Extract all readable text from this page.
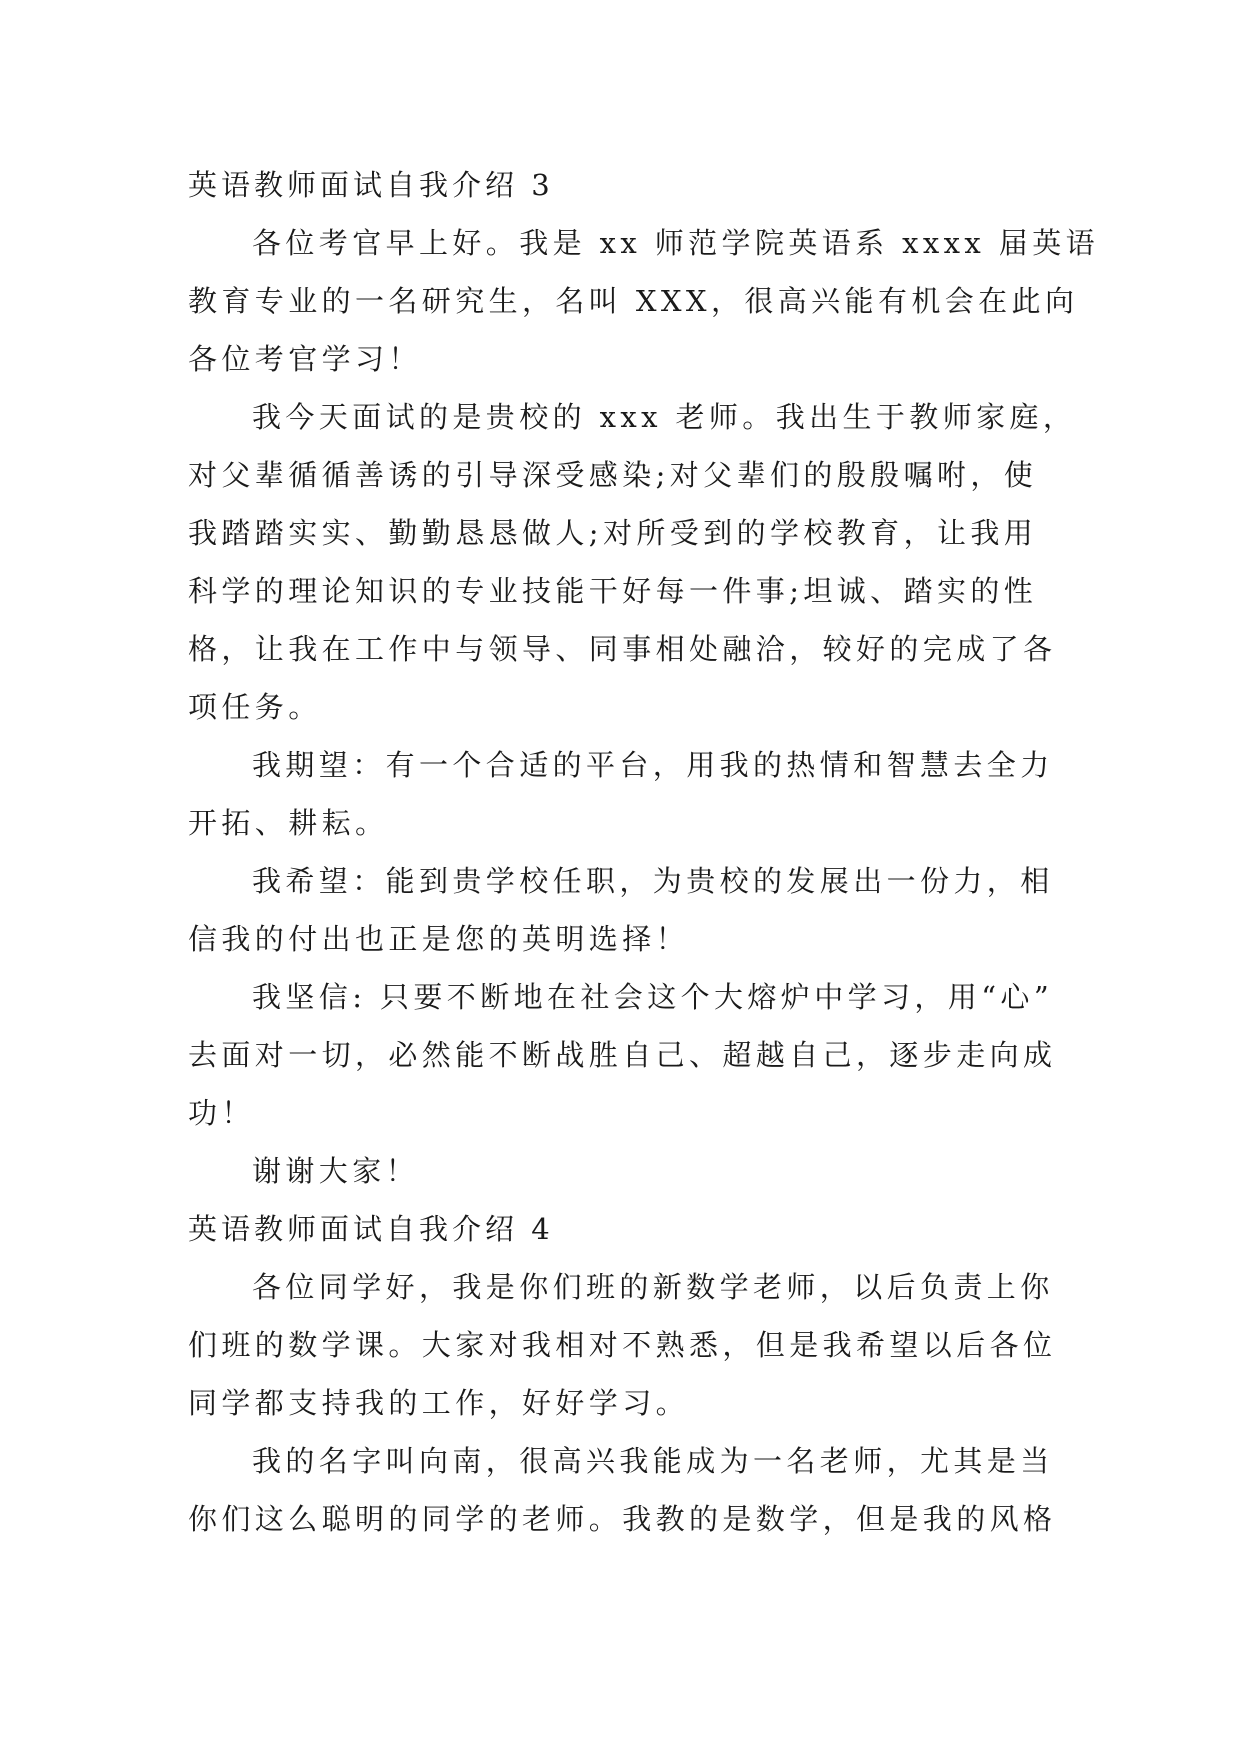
英语教师面试自我介绍 3
各位考官早上好。我是 xx 师范学院英语系 xxxx 届英语
教育专业的一名研究生，名叫 XXX，很高兴能有机会在此向
各位考官学习！
我今天面试的是贵校的 xxx 老师。我出生于教师家庭，
对父辈循循善诱的引导深受感染;对父辈们的殷殷嘱咐，使
我踏踏实实、勤勤恳恳做人;对所受到的学校教育，让我用
科学的理论知识的专业技能干好每一件事;坦诚、踏实的性
格，让我在工作中与领导、同事相处融洽，较好的完成了各
项任务。
我期望：有一个合适的平台，用我的热情和智慧去全力
开拓、耕耘。
我希望：能到贵学校任职，为贵校的发展出一份力，相
信我的付出也正是您的英明选择！
我坚信: 只要不断地在社会这个大熔炉中学习，用“心”
去面对一切，必然能不断战胜自己、超越自己，逐步走向成
功！
谢谢大家！
英语教师面试自我介绍 4
各位同学好，我是你们班的新数学老师，以后负责上你
们班的数学课。大家对我相对不熟悉，但是我希望以后各位
同学都支持我的工作，好好学习。
我的名字叫向南，很高兴我能成为一名老师，尤其是当
你们这么聪明的同学的老师。我教的是数学，但是我的风格
